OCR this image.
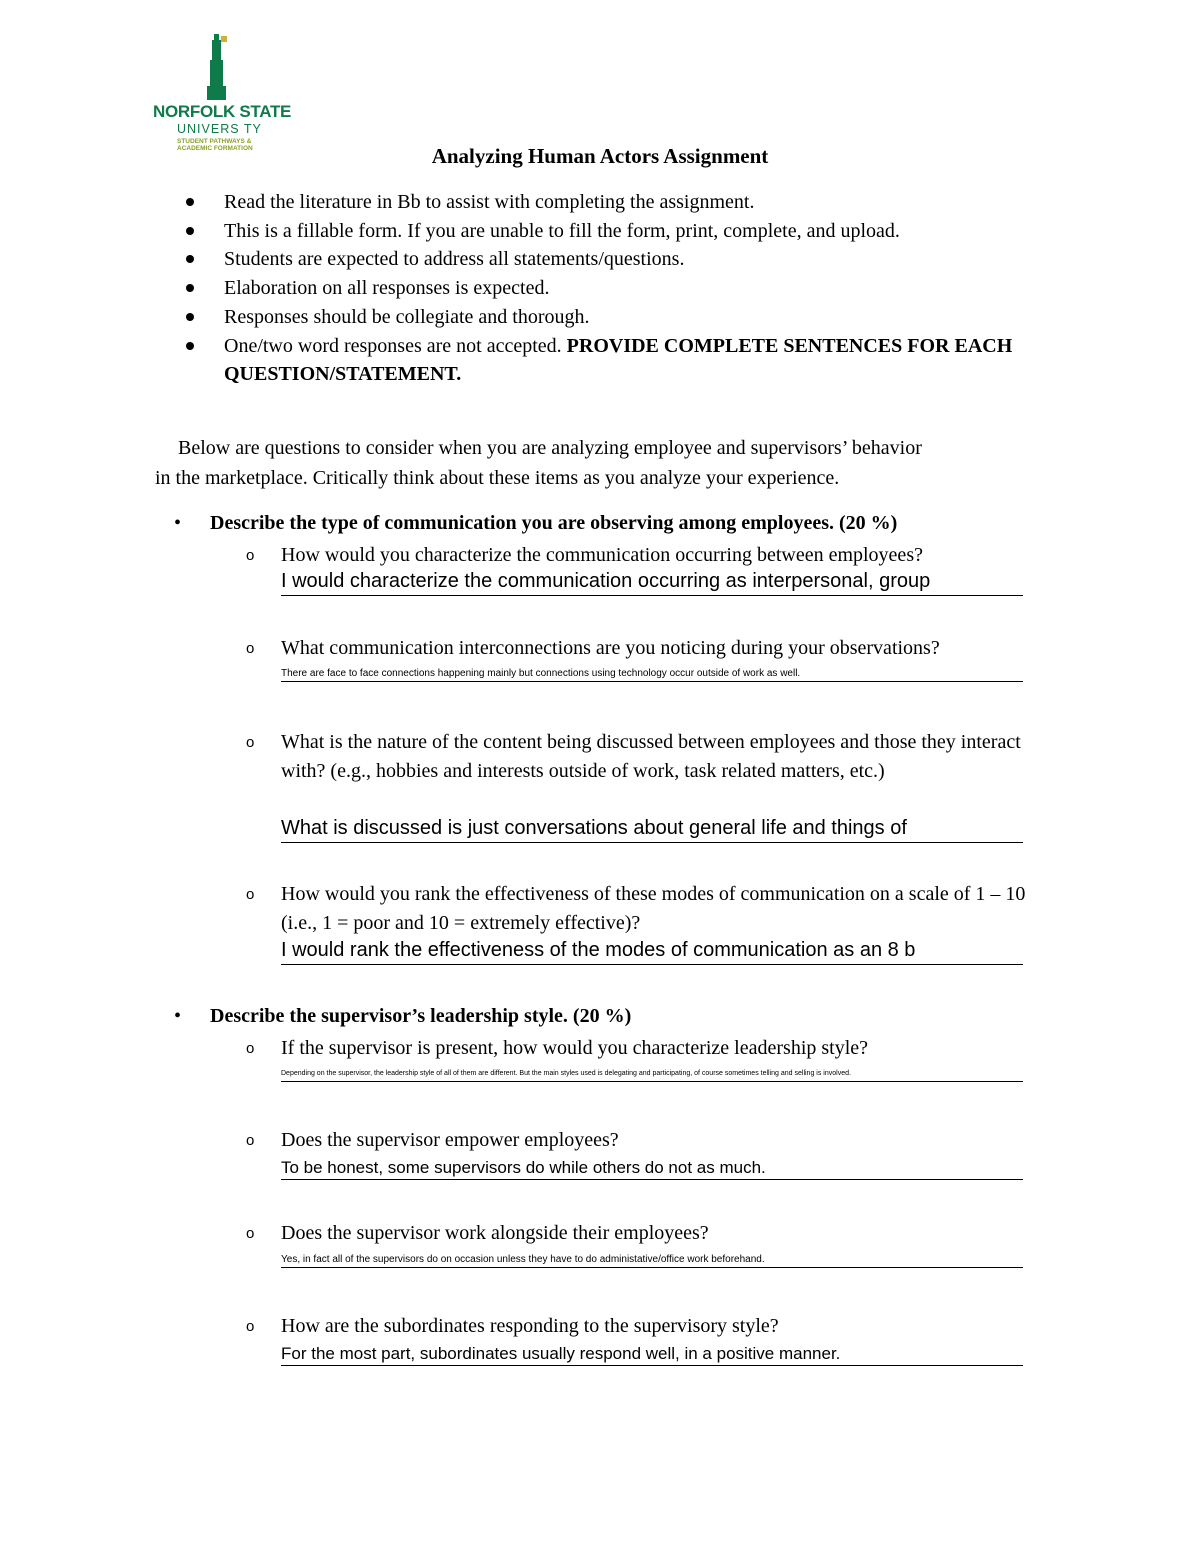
NORFOLK STATE
UNIVERS TY
STUDENT PATHWAYS &
ACADEMIC FORMATION	Analyzing Human Actors Assignment
Read the literature in Bb to assist with completing the assignment.
This is a fillable form. If you are unable to fill the form, print, complete, and upload.
Students are expected to address all statements/questions.
Elaboration on all responses is expected.
Responses should be collegiate and thorough.
One/two word responses are not accepted. PROVIDE COMPLETE SENTENCES FOR EACH QUESTION/STATEMENT.
Below are questions to consider when you are analyzing employee and supervisors’ behavior
in the marketplace. Critically think about these items as you analyze your experience.
• Describe the type of communication you are observing among employees. (20 %)
o	How would you characterize the communication occurring between employees?
I would characterize the communication occurring as interpersonal, group
o	What communication interconnections are you noticing during your observations?
There are face to face connections happening mainly but connections using technology occur outside of work as well.
o	What is the nature of the content being discussed between employees and those they interact with? (e.g., hobbies and interests outside of work, task related matters, etc.)
What is discussed is just conversations about general life and things of
o	How would you rank the effectiveness of these modes of communication on a scale of 1 – 10 (i.e., 1 = poor and 10 = extremely effective)?
I would rank the effectiveness of the modes of communication as an 8 b
• Describe the supervisor’s leadership style. (20 %)
o	If the supervisor is present, how would you characterize leadership style?
Depending on the supervisor, the leadership style of all of them are different. But the main styles used is delegating and participating, of course sometimes telling and selling is involved.
o	Does the supervisor empower employees?
To be honest, some supervisors do while others do not as much.
o	Does the supervisor work alongside their employees?
Yes, in fact all of the supervisors do on occasion unless they have to do administative/office work beforehand.
o	How are the subordinates responding to the supervisory style?
For the most part, subordinates usually respond well, in a positive manner.
